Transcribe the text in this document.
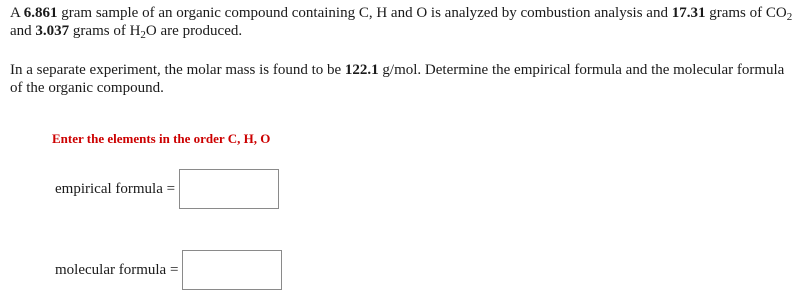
A 6.861 gram sample of an organic compound containing C, H and O is analyzed by combustion analysis and 17.31 grams of $CO_2$ and 3.037 grams of $H_2O$ are produced.

In a separate experiment, the molar mass is found to be 122.1 g/mol. Determine the empirical formula and the molecular formula of the organic compound.

Enter the elements in the order C, H, O
empirical formula =
molecular formula =
